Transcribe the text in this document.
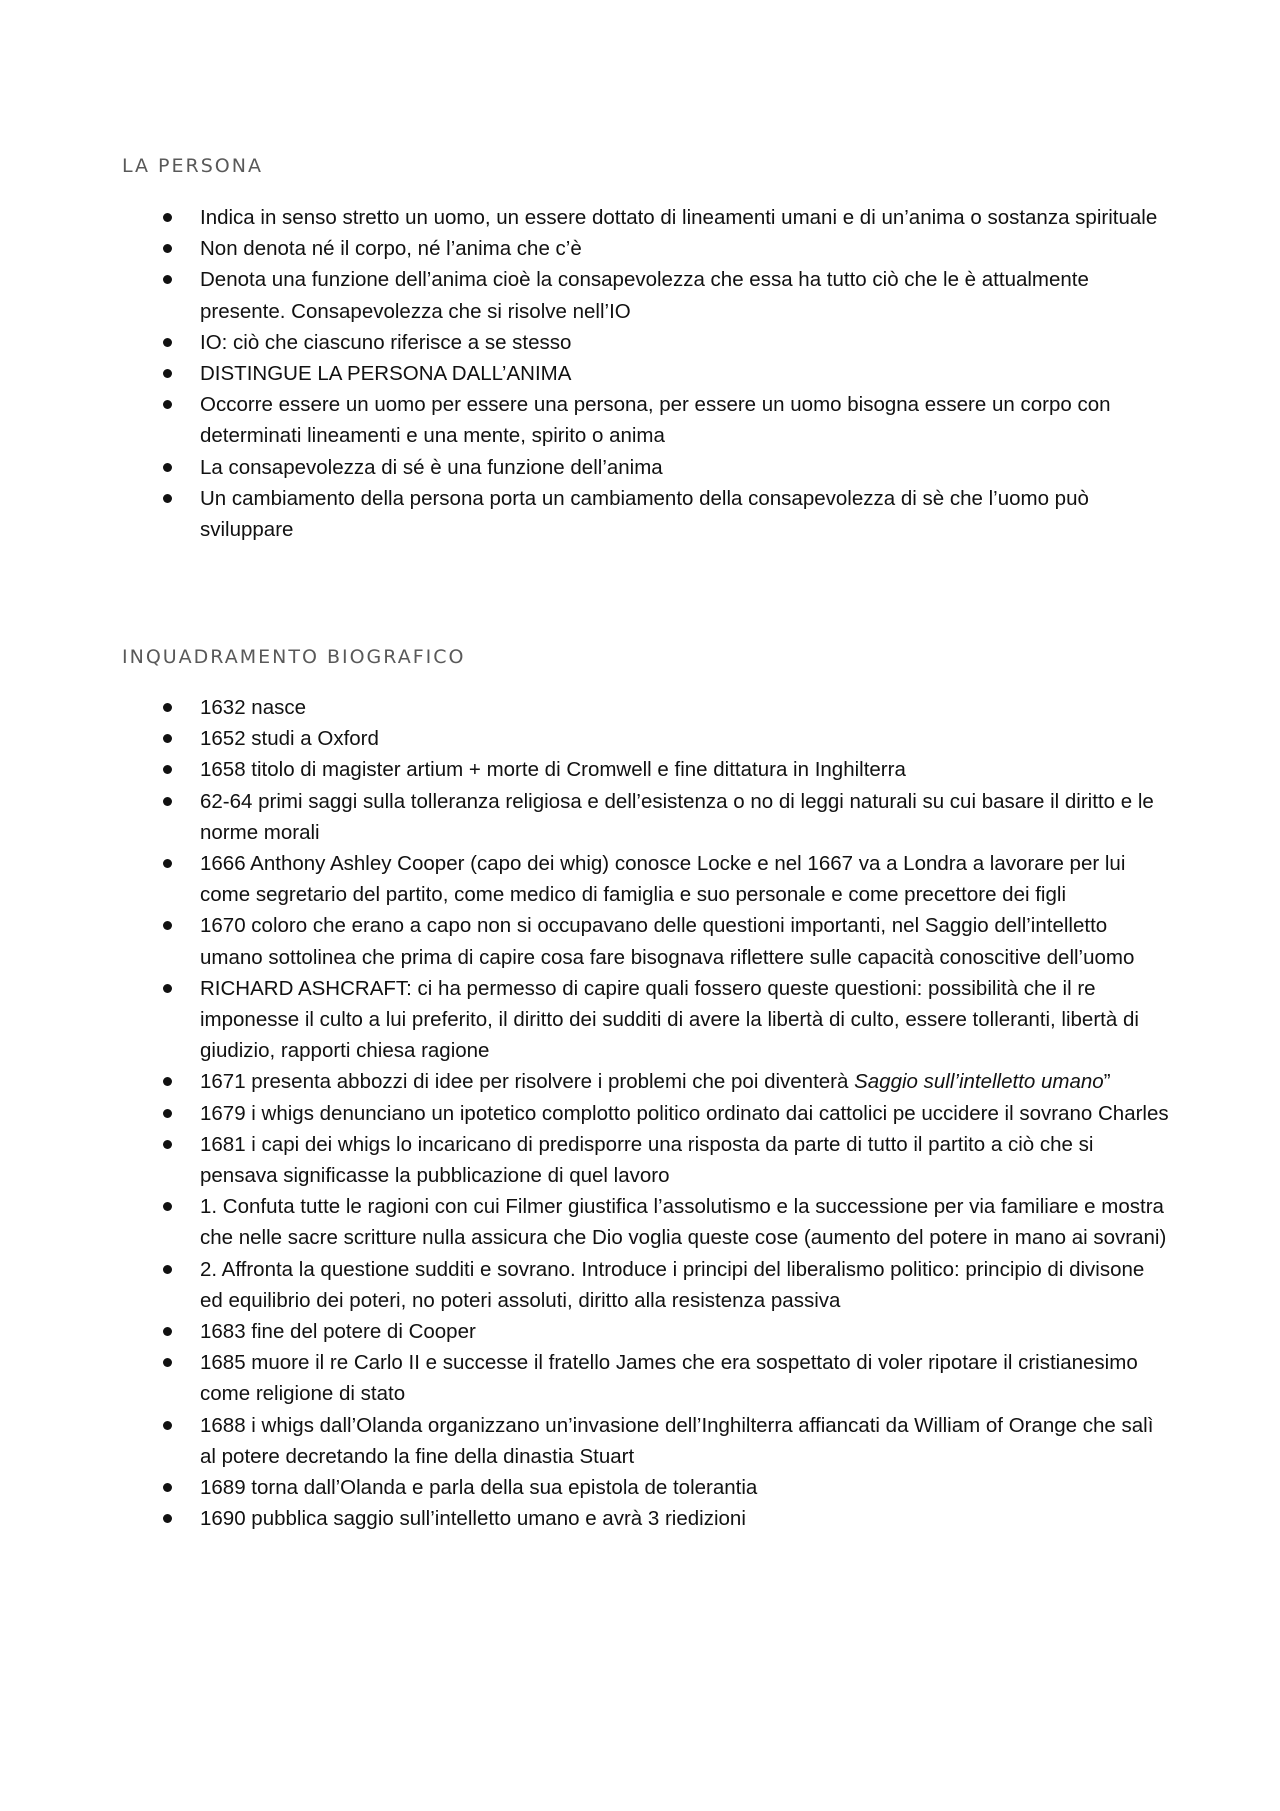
LA PERSONA
Indica in senso stretto un uomo, un essere dottato di lineamenti umani e di un’anima o sostanza spirituale
Non denota né il corpo, né l’anima che c’è
Denota una funzione dell’anima cioè la consapevolezza che essa ha tutto ciò che le è attualmente presente. Consapevolezza che si risolve nell’IO
IO: ciò che ciascuno riferisce a se stesso
DISTINGUE LA PERSONA DALL’ANIMA
Occorre essere un uomo per essere una persona, per essere un uomo bisogna essere un corpo con determinati lineamenti e una mente, spirito o anima
La consapevolezza di sé è una funzione dell’anima
Un cambiamento della persona porta un cambiamento della consapevolezza di sè che l’uomo può sviluppare
INQUADRAMENTO BIOGRAFICO
1632 nasce
1652 studi a Oxford
1658 titolo di magister artium + morte di Cromwell e fine dittatura in Inghilterra
62-64 primi saggi sulla tolleranza religiosa e dell’esistenza o no di leggi naturali su cui basare il diritto e le norme morali
1666 Anthony Ashley Cooper (capo dei whig) conosce Locke e nel 1667 va a Londra a lavorare per lui come segretario del partito, come medico di famiglia e suo personale e come precettore dei figli
1670 coloro che erano a capo non si occupavano delle questioni importanti, nel Saggio dell’intelletto umano sottolinea che prima di capire cosa fare bisognava riflettere sulle capacità conoscitive dell’uomo
RICHARD ASHCRAFT: ci ha permesso di capire quali fossero queste questioni: possibilità che il re imponesse il culto a lui preferito, il diritto dei sudditi di avere la libertà di culto, essere tolleranti, libertà di giudizio, rapporti chiesa ragione
1671 presenta abbozzi di idee per risolvere i problemi che poi diventerà Saggio sull’intelletto umano”
1679 i whigs denunciano un ipotetico complotto politico ordinato dai cattolici pe uccidere il sovrano Charles
1681 i capi dei whigs lo incaricano di predisporre una risposta da parte di tutto il partito a ciò che si pensava significasse la pubblicazione di quel lavoro
1. Confuta tutte le ragioni con cui Filmer giustifica l’assolutismo e la successione per via familiare e mostra che nelle sacre scritture nulla assicura che Dio voglia queste cose (aumento del potere in mano ai sovrani)
2. Affronta la questione sudditi e sovrano. Introduce i principi del liberalismo politico: principio di divisone ed equilibrio dei poteri, no poteri assoluti, diritto alla resistenza passiva
1683 fine del potere di Cooper
1685 muore il re Carlo II e successe il fratello James che era sospettato di voler ripotare il cristianesimo come religione di stato
1688 i whigs dall’Olanda organizzano un’invasione dell’Inghilterra affiancati da William of Orange che salì al potere decretando la fine della dinastia Stuart
1689 torna dall’Olanda e parla della sua epistola de tolerantia
1690 pubblica saggio sull’intelletto umano e avrà 3 riedizioni
